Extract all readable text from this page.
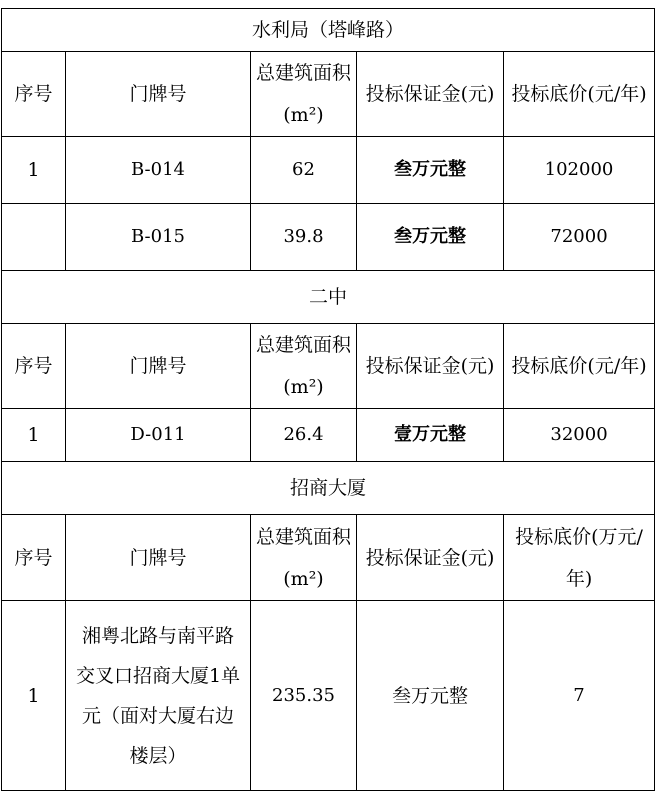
水利局（塔峰路）				
序号	门牌号	总建筑面积(m²)	投标保证金(元)	投标底价(元/年)
1	B-014	62	叁万元整	102000
	B-015	39.8	叁万元整	72000
二中				
序号	门牌号	总建筑面积(m²)	投标保证金(元)	投标底价(元/年)
1	D-011	26.4	壹万元整	32000
招商大厦				
序号	门牌号	总建筑面积(m²)	投标保证金(元)	投标底价(万元/年)
1	湘粤北路与南平路交叉口招商大厦1单元（面对大厦右边楼层）	235.35	叁万元整	7
